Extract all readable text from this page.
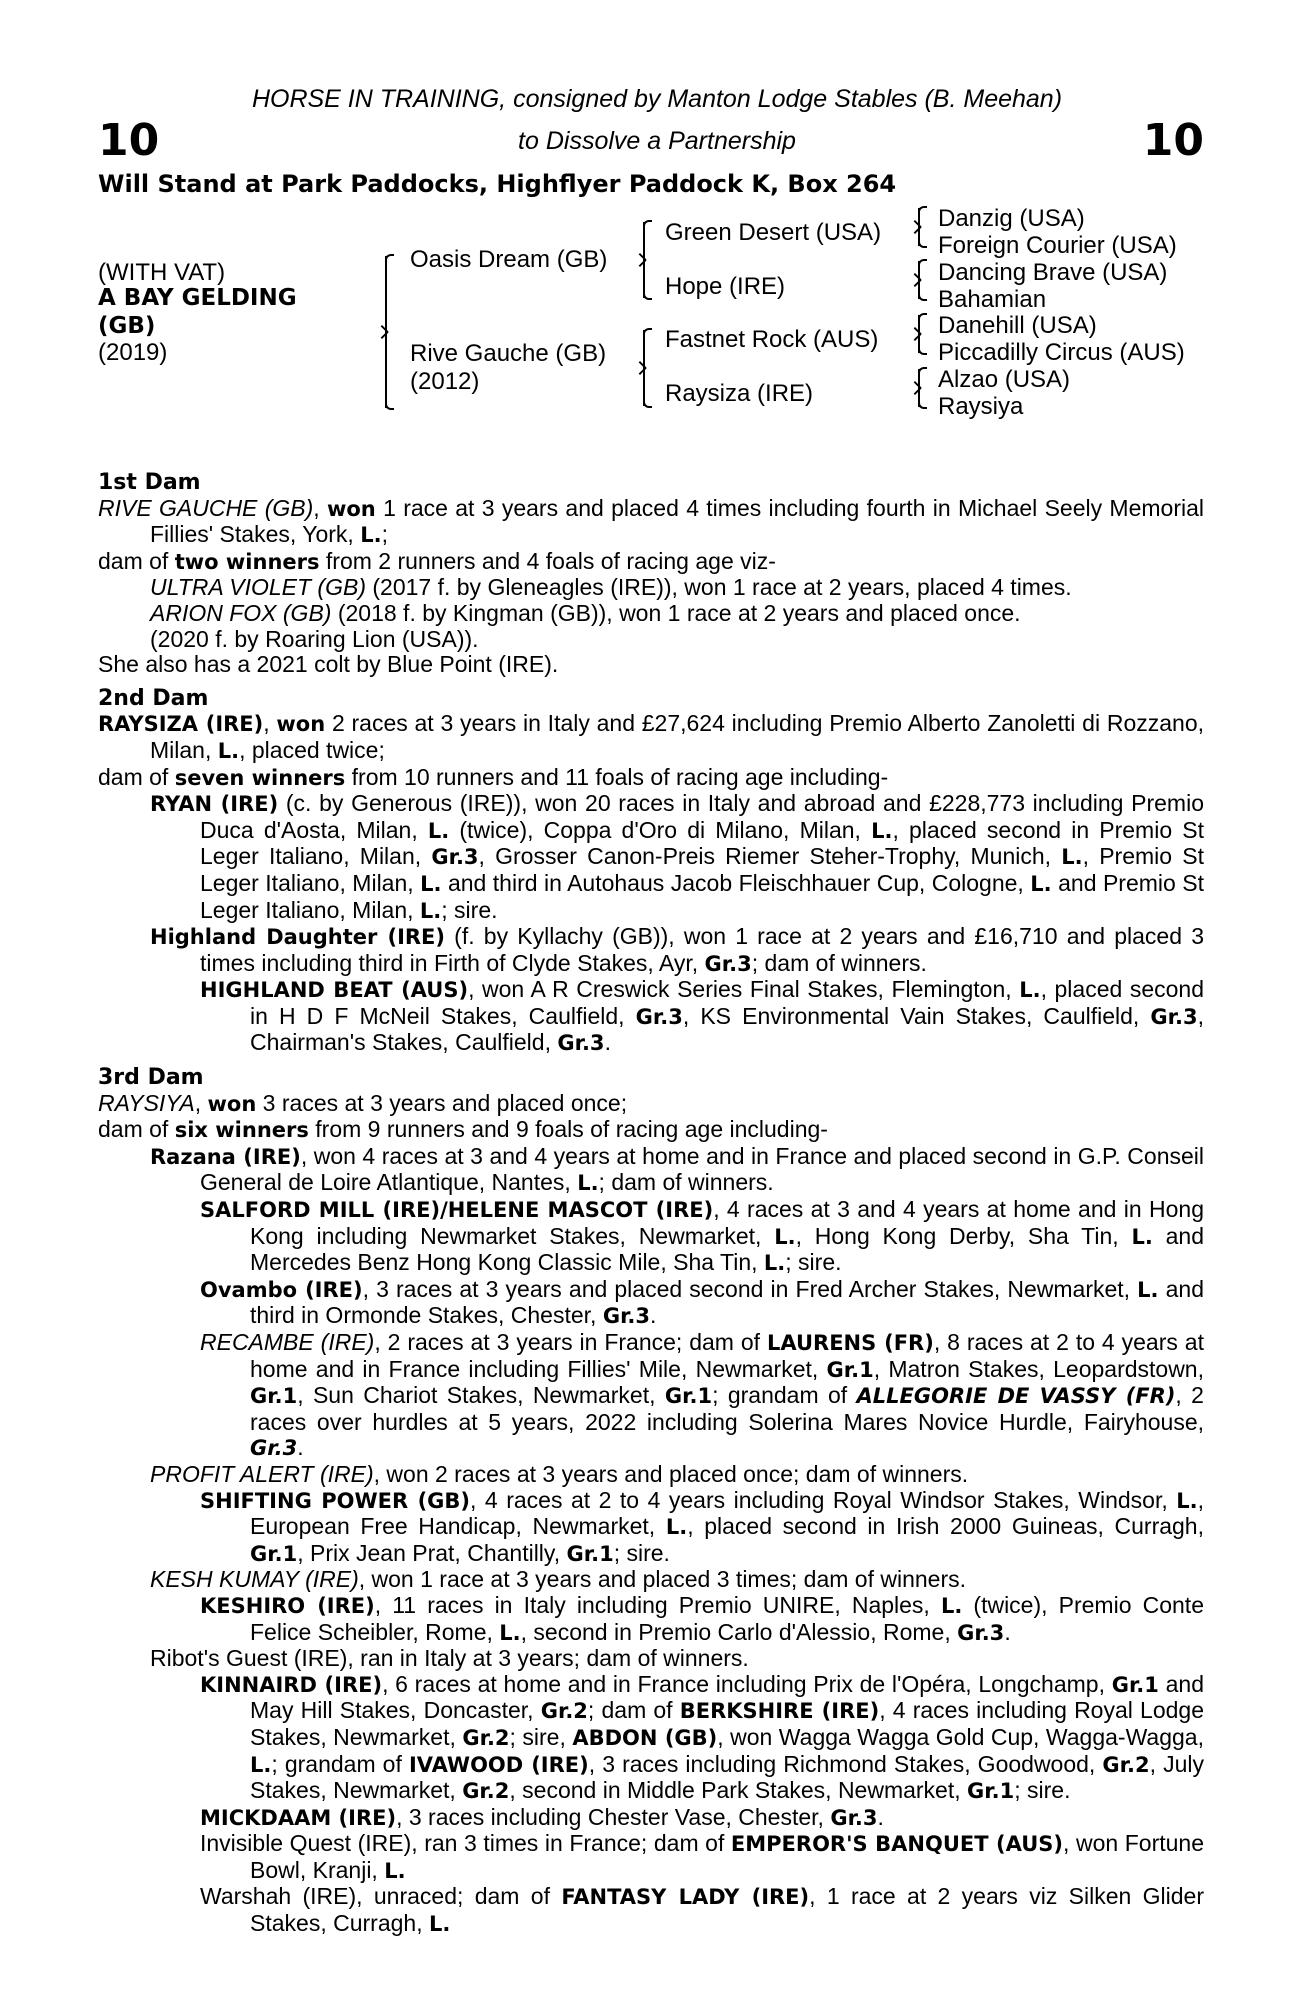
10	10
HORSE IN TRAINING, consigned by Manton Lodge Stables (B. Meehan)
to Dissolve a Partnership
Will Stand at Park Paddocks, Highflyer Paddock K, Box 264
(WITH VAT)
A BAY GELDING
(GB)
(2019)
Oasis Dream (GB)
Rive Gauche (GB)
(2012)
Green Desert (USA)
Hope (IRE)
Fastnet Rock (AUS)
Raysiza (IRE)
Danzig (USA)
Foreign Courier (USA)
Dancing Brave (USA)
Bahamian
Danehill (USA)
Piccadilly Circus (AUS)
Alzao (USA)
Raysiya

1st Dam

RIVE GAUCHE (GB), won 1 race at 3 years and placed 4 times including fourth in Michael Seely Memorial Fillies' Stakes, York, L.;

dam of two winners from 2 runners and 4 foals of racing age viz-

ULTRA VIOLET (GB) (2017 f. by Gleneagles (IRE)), won 1 race at 2 years, placed 4 times.

ARION FOX (GB) (2018 f. by Kingman (GB)), won 1 race at 2 years and placed once.

(2020 f. by Roaring Lion (USA)).

She also has a 2021 colt by Blue Point (IRE).

2nd Dam

RAYSIZA (IRE), won 2 races at 3 years in Italy and £27,624 including Premio Alberto Zanoletti di Rozzano, Milan, L., placed twice;

dam of seven winners from 10 runners and 11 foals of racing age including-

RYAN (IRE) (c. by Generous (IRE)), won 20 races in Italy and abroad and £228,773 including Premio Duca d'Aosta, Milan, L. (twice), Coppa d'Oro di Milano, Milan, L., placed second in Premio St Leger Italiano, Milan, Gr.3, Grosser Canon-Preis Riemer Steher-Trophy, Munich, L., Premio St Leger Italiano, Milan, L. and third in Autohaus Jacob Fleischhauer Cup, Cologne, L. and Premio St Leger Italiano, Milan, L.; sire.

Highland Daughter (IRE) (f. by Kyllachy (GB)), won 1 race at 2 years and £16,710 and placed 3 times including third in Firth of Clyde Stakes, Ayr, Gr.3; dam of winners.

HIGHLAND BEAT (AUS), won A R Creswick Series Final Stakes, Flemington, L., placed second in H D F McNeil Stakes, Caulfield, Gr.3, KS Environmental Vain Stakes, Caulfield, Gr.3, Chairman's Stakes, Caulfield, Gr.3.

3rd Dam

RAYSIYA, won 3 races at 3 years and placed once;

dam of six winners from 9 runners and 9 foals of racing age including-

Razana (IRE), won 4 races at 3 and 4 years at home and in France and placed second in G.P. Conseil General de Loire Atlantique, Nantes, L.; dam of winners.

SALFORD MILL (IRE)/HELENE MASCOT (IRE), 4 races at 3 and 4 years at home and in Hong Kong including Newmarket Stakes, Newmarket, L., Hong Kong Derby, Sha Tin, L. and Mercedes Benz Hong Kong Classic Mile, Sha Tin, L.; sire.

Ovambo (IRE), 3 races at 3 years and placed second in Fred Archer Stakes, Newmarket, L. and third in Ormonde Stakes, Chester, Gr.3.

RECAMBE (IRE), 2 races at 3 years in France; dam of LAURENS (FR), 8 races at 2 to 4 years at home and in France including Fillies' Mile, Newmarket, Gr.1, Matron Stakes, Leopardstown, Gr.1, Sun Chariot Stakes, Newmarket, Gr.1; grandam of ALLEGORIE DE VASSY (FR), 2 races over hurdles at 5 years, 2022 including Solerina Mares Novice Hurdle, Fairyhouse, Gr.3.

PROFIT ALERT (IRE), won 2 races at 3 years and placed once; dam of winners.

SHIFTING POWER (GB), 4 races at 2 to 4 years including Royal Windsor Stakes, Windsor, L., European Free Handicap, Newmarket, L., placed second in Irish 2000 Guineas, Curragh, Gr.1, Prix Jean Prat, Chantilly, Gr.1; sire.

KESH KUMAY (IRE), won 1 race at 3 years and placed 3 times; dam of winners.

KESHIRO (IRE), 11 races in Italy including Premio UNIRE, Naples, L. (twice), Premio Conte Felice Scheibler, Rome, L., second in Premio Carlo d'Alessio, Rome, Gr.3.

Ribot's Guest (IRE), ran in Italy at 3 years; dam of winners.

KINNAIRD (IRE), 6 races at home and in France including Prix de l'Opéra, Longchamp, Gr.1 and May Hill Stakes, Doncaster, Gr.2; dam of BERKSHIRE (IRE), 4 races including Royal Lodge Stakes, Newmarket, Gr.2; sire, ABDON (GB), won Wagga Wagga Gold Cup, Wagga-Wagga, L.; grandam of IVAWOOD (IRE), 3 races including Richmond Stakes, Goodwood, Gr.2, July Stakes, Newmarket, Gr.2, second in Middle Park Stakes, Newmarket, Gr.1; sire.

MICKDAAM (IRE), 3 races including Chester Vase, Chester, Gr.3.

Invisible Quest (IRE), ran 3 times in France; dam of EMPEROR'S BANQUET (AUS), won Fortune Bowl, Kranji, L.

Warshah (IRE), unraced; dam of FANTASY LADY (IRE), 1 race at 2 years viz Silken Glider Stakes, Curragh, L.
